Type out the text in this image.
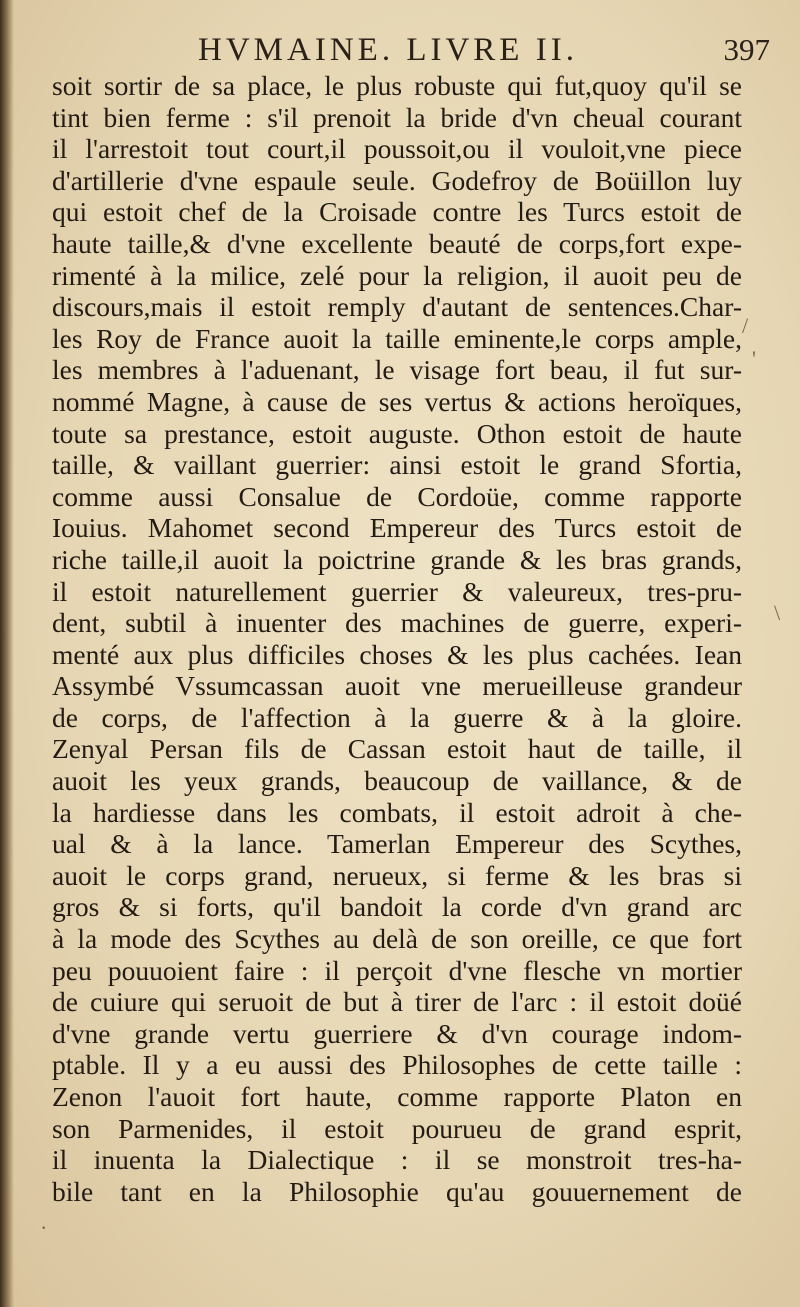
HVMAINE. LIVRE II.	397
soit sortir de sa place, le plus robuste qui fut,quoy qu'il se
tint bien ferme : s'il prenoit la bride d'vn cheual courant
il l'arrestoit tout court,il poussoit,ou il vouloit,vne piece
d'artillerie d'vne espaule seule. Godefroy de Boüillon luy
qui estoit chef de la Croisade contre les Turcs estoit de
haute taille,& d'vne excellente beauté de corps,fort expe-
rimenté à la milice, zelé pour la religion, il auoit peu de
discours,mais il estoit remply d'autant de sentences.Char-
les Roy de France auoit la taille eminente,le corps ample,
les membres à l'aduenant, le visage fort beau, il fut sur-
nommé Magne, à cause de ses vertus & actions heroïques,
toute sa prestance, estoit auguste. Othon estoit de haute
taille, & vaillant guerrier: ainsi estoit le grand Sfortia,
comme aussi Consalue de Cordoüe, comme rapporte
Iouius. Mahomet second Empereur des Turcs estoit de
riche taille,il auoit la poictrine grande & les bras grands,
il estoit naturellement guerrier & valeureux, tres-pru-
dent, subtil à inuenter des machines de guerre, experi-
menté aux plus difficiles choses & les plus cachées. Iean
Assymbé Vssumcassan auoit vne merueilleuse grandeur
de corps, de l'affection à la guerre & à la gloire.
Zenyal Persan fils de Cassan estoit haut de taille, il
auoit les yeux grands, beaucoup de vaillance, & de
la hardiesse dans les combats, il estoit adroit à che-
ual & à la lance. Tamerlan Empereur des Scythes,
auoit le corps grand, nerueux, si ferme & les bras si
gros & si forts, qu'il bandoit la corde d'vn grand arc
à la mode des Scythes au delà de son oreille, ce que fort
peu pouuoient faire : il perçoit d'vne flesche vn mortier
de cuiure qui seruoit de but à tirer de l'arc : il estoit doüé
d'vne grande vertu guerriere & d'vn courage indom-
ptable. Il y a eu aussi des Philosophes de cette taille :
Zenon l'auoit fort haute, comme rapporte Platon en
son Parmenides, il estoit pourueu de grand esprit,
il inuenta la Dialectique : il se monstroit tres-ha-
bile tant en la Philosophie qu'au gouuernement de
/
'
\
·
